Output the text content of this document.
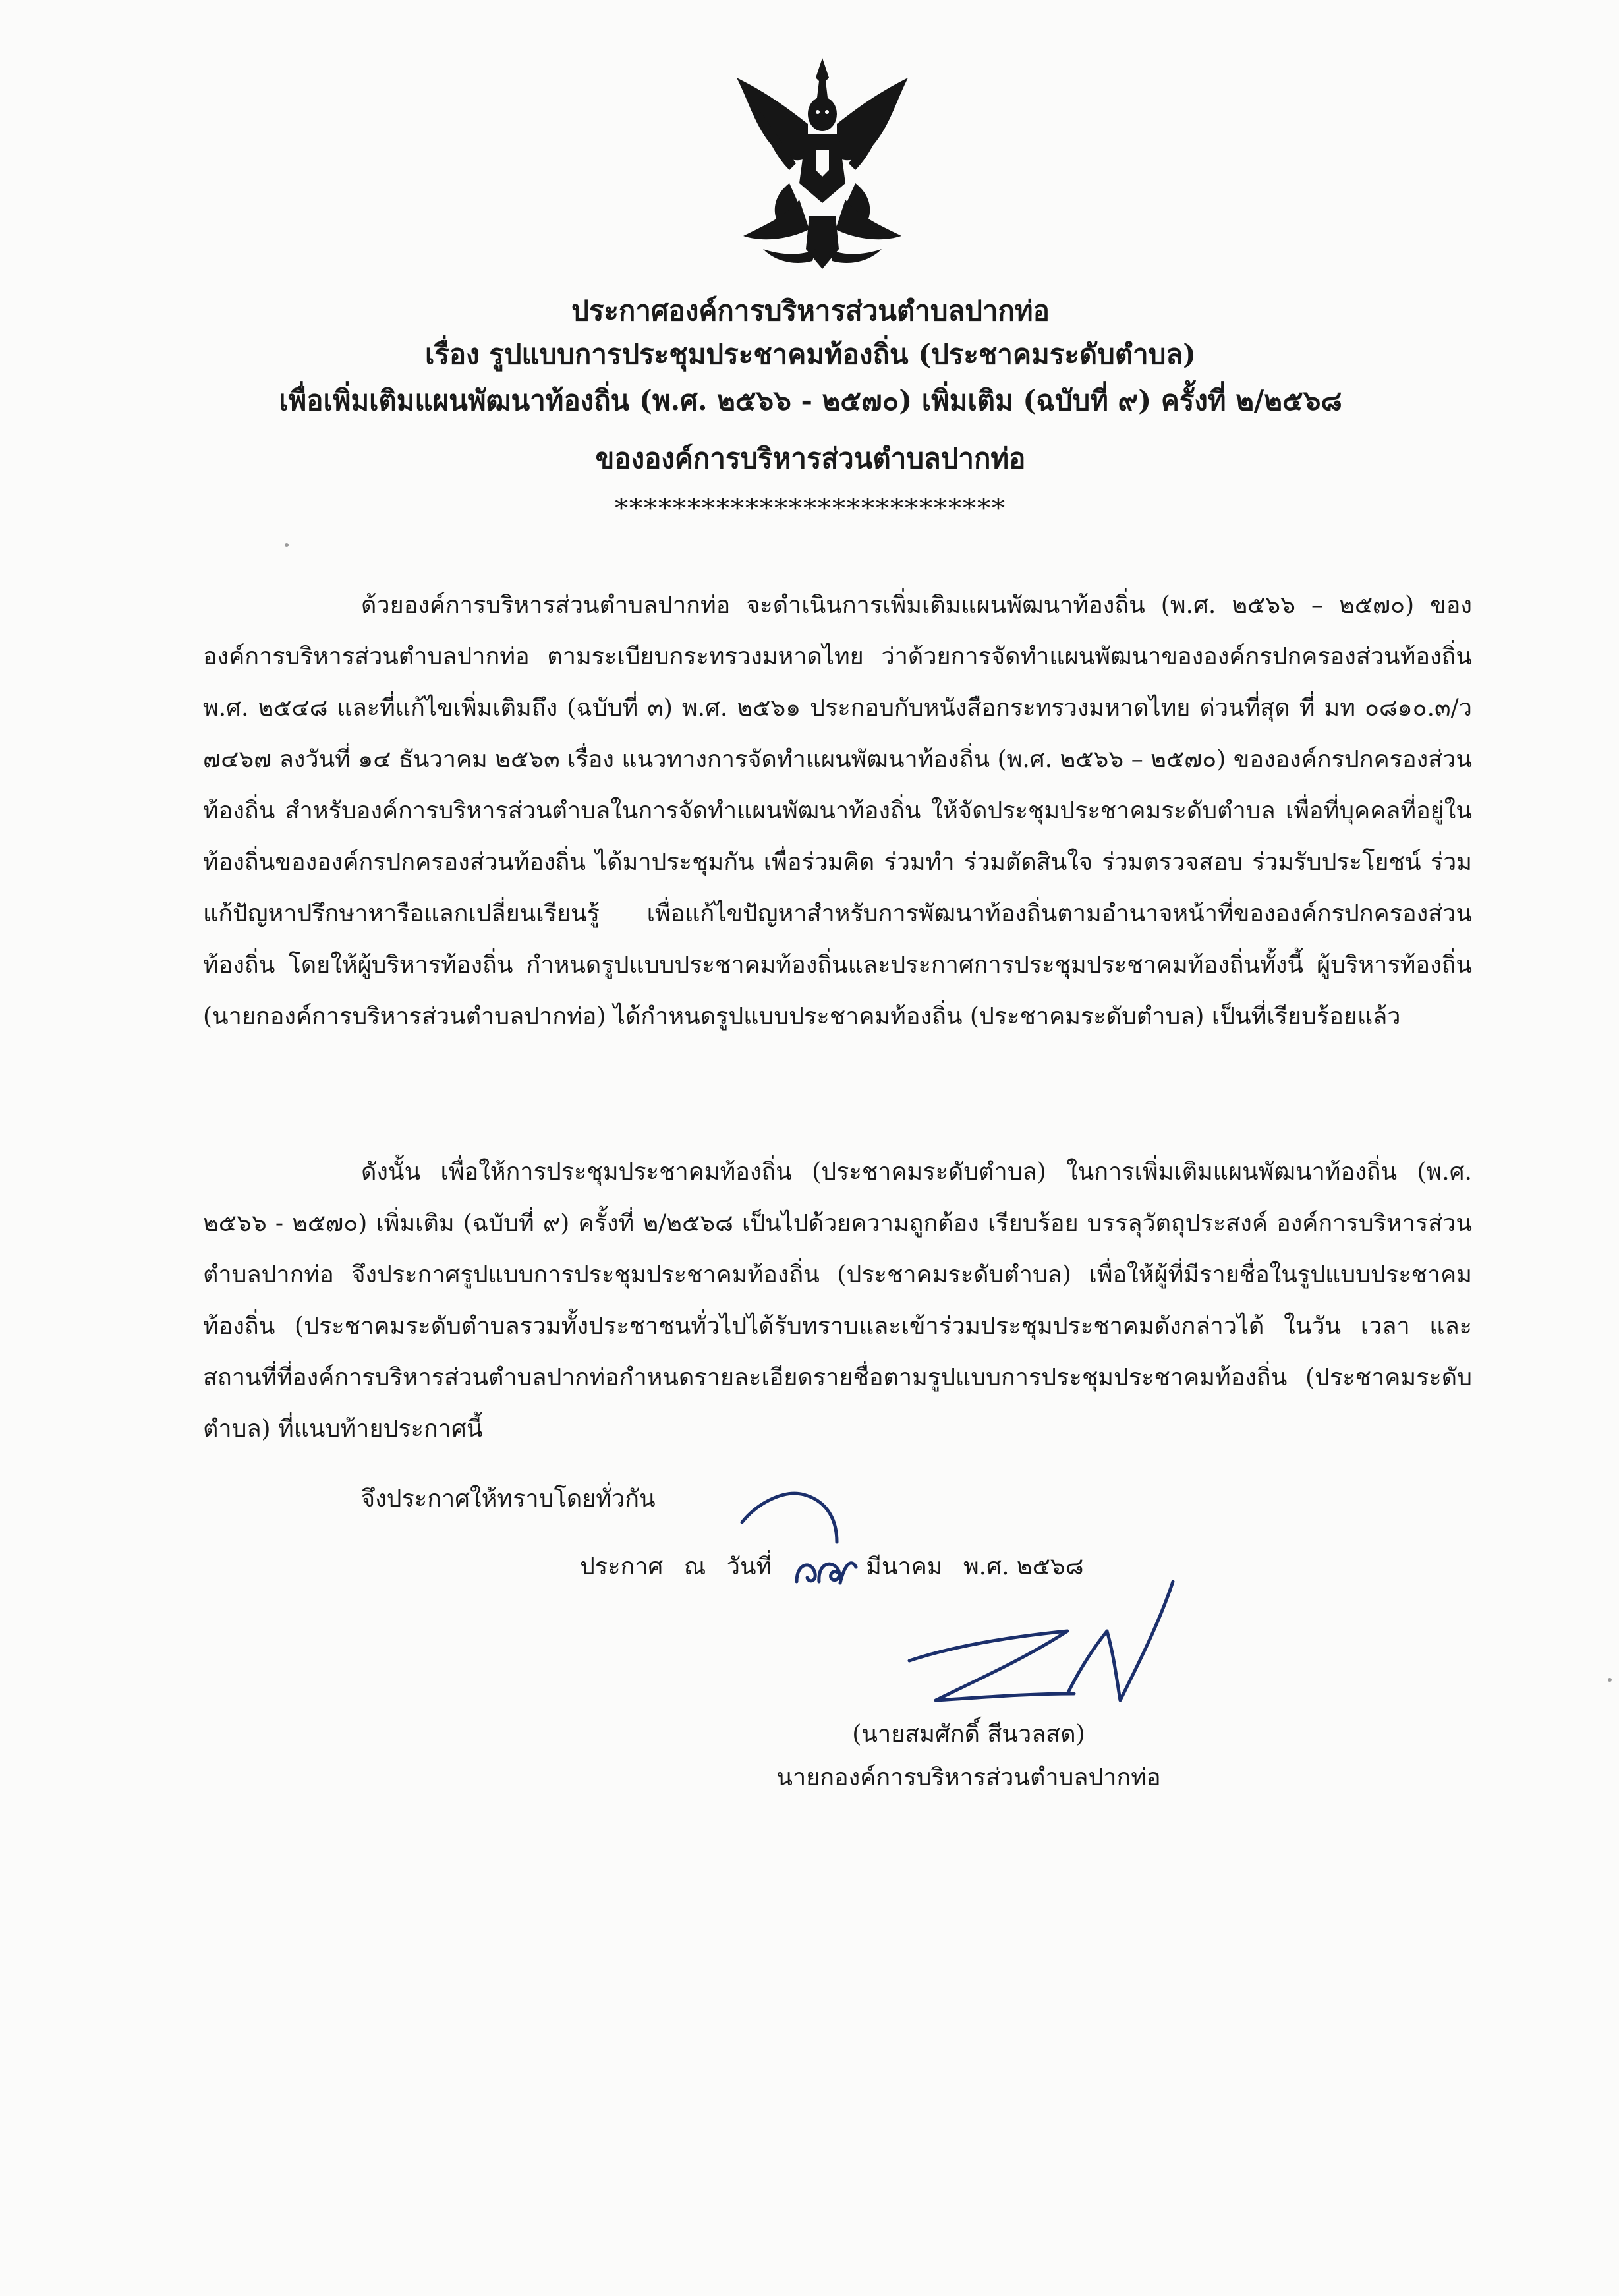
ประกาศองค์การบริหารส่วนตำบลปากท่อ
เรื่อง รูปแบบการประชุมประชาคมท้องถิ่น (ประชาคมระดับตำบล)
เพื่อเพิ่มเติมแผนพัฒนาท้องถิ่น (พ.ศ. ๒๕๖๖ - ๒๕๗๐) เพิ่มเติม (ฉบับที่ ๙) ครั้งที่ ๒/๒๕๖๘
ขององค์การบริหารส่วนตำบลปากท่อ
***************************

ด้วยองค์การบริหารส่วนตำบลปากท่อ จะดำเนินการเพิ่มเติมแผนพัฒนาท้องถิ่น (พ.ศ. ๒๕๖๖ – ๒๕๗๐) ขององค์การบริหารส่วนตำบลปากท่อ ตามระเบียบกระทรวงมหาดไทย ว่าด้วยการจัดทำแผนพัฒนาขององค์กรปกครองส่วนท้องถิ่น พ.ศ. ๒๕๔๘ และที่แก้ไขเพิ่มเติมถึง (ฉบับที่ ๓) พ.ศ. ๒๕๖๑ ประกอบกับหนังสือกระทรวงมหาดไทย ด่วนที่สุด ที่ มท ๐๘๑๐.๓/ว ๗๔๖๗ ลงวันที่ ๑๔ ธันวาคม ๒๕๖๓ เรื่อง แนวทางการจัดทำแผนพัฒนาท้องถิ่น (พ.ศ. ๒๕๖๖ – ๒๕๗๐) ขององค์กรปกครองส่วนท้องถิ่น สำหรับองค์การบริหารส่วนตำบลในการจัดทำแผนพัฒนาท้องถิ่น ให้จัดประชุมประชาคมระดับตำบล เพื่อที่บุคคลที่อยู่ในท้องถิ่นขององค์กรปกครองส่วนท้องถิ่น ได้มาประชุมกัน เพื่อร่วมคิด ร่วมทำ ร่วมตัดสินใจ ร่วมตรวจสอบ ร่วมรับประโยชน์ ร่วมแก้ปัญหาปรึกษาหารือแลกเปลี่ยนเรียนรู้ เพื่อแก้ไขปัญหาสำหรับการพัฒนาท้องถิ่นตามอำนาจหน้าที่ขององค์กรปกครองส่วนท้องถิ่น โดยให้ผู้บริหารท้องถิ่น กำหนดรูปแบบประชาคมท้องถิ่นและประกาศการประชุมประชาคมท้องถิ่นทั้งนี้ ผู้บริหารท้องถิ่น (นายกองค์การบริหารส่วนตำบลปากท่อ) ได้กำหนดรูปแบบประชาคมท้องถิ่น (ประชาคมระดับตำบล) เป็นที่เรียบร้อยแล้ว

ดังนั้น เพื่อให้การประชุมประชาคมท้องถิ่น (ประชาคมระดับตำบล) ในการเพิ่มเติมแผนพัฒนาท้องถิ่น (พ.ศ. ๒๕๖๖ - ๒๕๗๐) เพิ่มเติม (ฉบับที่ ๙) ครั้งที่ ๒/๒๕๖๘ เป็นไปด้วยความถูกต้อง เรียบร้อย บรรลุวัตถุประสงค์ องค์การบริหารส่วนตำบลปากท่อ จึงประกาศรูปแบบการประชุมประชาคมท้องถิ่น (ประชาคมระดับตำบล) เพื่อให้ผู้ที่มีรายชื่อในรูปแบบประชาคมท้องถิ่น (ประชาคมระดับตำบลรวมทั้งประชาชนทั่วไปได้รับทราบและเข้าร่วมประชุมประชาคมดังกล่าวได้ ในวัน เวลา และสถานที่ที่องค์การบริหารส่วนตำบลปากท่อกำหนดรายละเอียดรายชื่อตามรูปแบบการประชุมประชาคมท้องถิ่น (ประชาคมระดับตำบล) ที่แนบท้ายประกาศนี้

จึงประกาศให้ทราบโดยทั่วกัน
ประกาศ ณ วันที่	มีนาคม พ.ศ. ๒๕๖๘
(นายสมศักดิ์ สีนวลสด)
นายกองค์การบริหารส่วนตำบลปากท่อ
